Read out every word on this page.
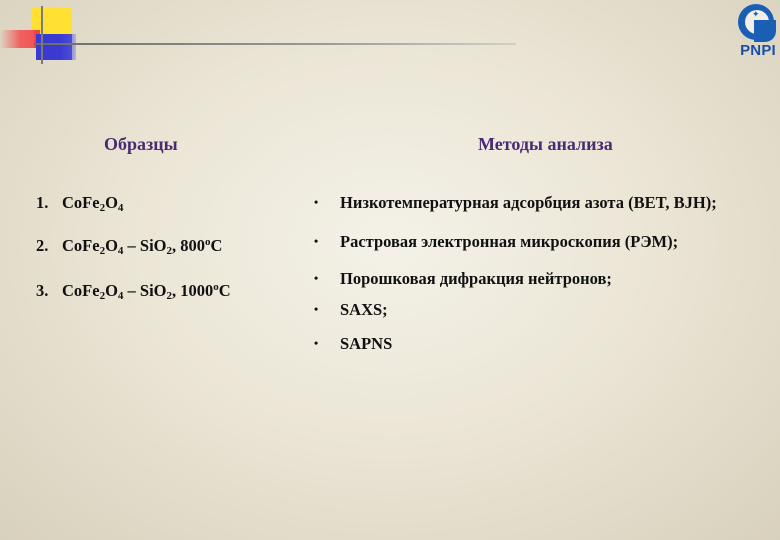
✦
PNPI
Образцы	Методы анализа
1. $CoFe_2O_4$
2. $CoFe_2O_4 - SiO_2$, 800$^o$C
3. $CoFe_2O_4 - SiO_2$, 1000$^o$C
• Низкотемпературная адсорбция азота (BET, BJH);
• Растровая электронная микроскопия (РЭМ);
• Порошковая дифракция нейтронов;
• SAXS;
• SAPNS
